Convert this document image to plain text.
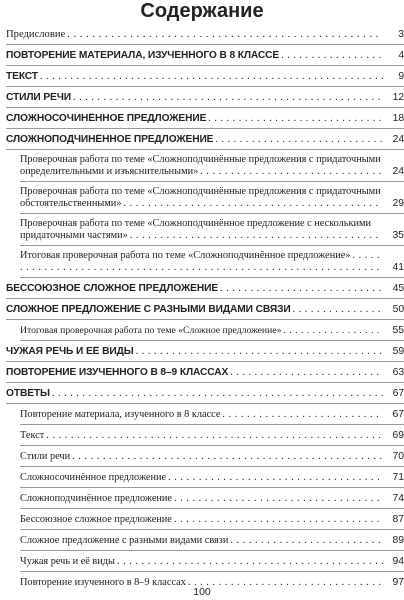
Содержание
Предисловие . . .	3
ПОВТОРЕНИЕ МАТЕРИАЛА, ИЗУЧЕННОГО В 8 КЛАССЕ . . .	4
ТЕКСТ . . .	9
СТИЛИ РЕЧИ . . .	12
СЛОЖНОСОЧИНЁННОЕ ПРЕДЛОЖЕНИЕ . . .	18
СЛОЖНОПОДЧИНЁННОЕ ПРЕДЛОЖЕНИЕ . . .	24
Проверочная работа по теме «Сложноподчинённые предложения с придаточными определительными и изъяснительными» . . .	24
Проверочная работа по теме «Сложноподчинённые предложения с придаточными обстоятельственными» . . .	29
Проверочная работа по теме «Сложноподчинённое предложение с несколькими придаточными частями» . . .	35
Итоговая проверочная работа по теме «Сложноподчинённое предложение» . . .
41
БЕССОЮЗНОЕ СЛОЖНОЕ ПРЕДЛОЖЕНИЕ . . .	45
СЛОЖНОЕ ПРЕДЛОЖЕНИЕ С РАЗНЫМИ ВИДАМИ СВЯЗИ . . .	50
Итоговая проверочная работа по теме «Сложное предложение» . . .	55
ЧУЖАЯ РЕЧЬ И ЕЁ ВИДЫ . . .	59
ПОВТОРЕНИЕ ИЗУЧЕННОГО В 8–9 КЛАССАХ . . .	63
ОТВЕТЫ . . .	67
Повторение материала, изученного в 8 классе . . .	67
Текст . . .	69
Стили речи . . .	70
Сложносочинённое предложение . . .	71
Сложноподчинённое предложение . . .	74
Бессоюзное сложное предложение . . .	87
Сложное предложение с разными видами связи . . .	89
Чужая речь и её виды . . .	94
Повторение изученного в 8–9 классах . . .	97
100
